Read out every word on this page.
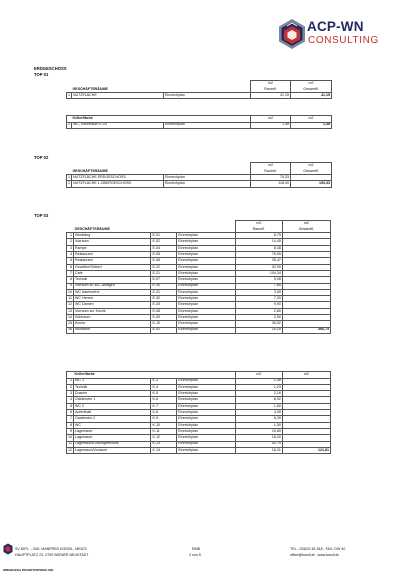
ACP-WN
CONSULTING
ERDGESCHOSS
TOP 01
			m2	m2
	GESCHÄFTSRÄUME		Raumfl.	Gesamtfl.
1	NUTZFLÄCHE	Einreichplan	41,15	41,15
	Kellerfläche		m2	m2
1	WC, Kellerraum K-03	Einreichplan	1,48	1,48
TOP 02
			m2	m2
	GESCHÄFTSRÄUME		Raumfl.	Gesamtfl.
1	NUTZFLÄCHE ERDGESCHOSS	Einreichplan	75,33	
2	NUTZFLÄCHE 1.OBERGESCHOSS	Einreichplan	118,00	193,33
TOP 03
				m2	m2
	GESCHÄFTSRÄUME			Raumfl.	Gesamtfl.
1	Windfang	E-01	Einreichplan	8,75	
2	Vorraum	E-02	Einreichplan	14,45	
3	Rampe	E-04	Einreichplan	8,38	
4	Restaurant	E-05	Einreichplan	76,99	
5	Restaurant	E-06	Einreichplan	35,47	
6	Gewölbe/Stüberl	E-22	Einreichplan	32,90	
7	Cafe	E-21	Einreichplan	104,34	
8	Technik	E-07	Einreichplan	5,08	
9	Vorraum zu WC-Anlagen	E-30	Einreichplan	7,66	
10	WC barrierefrei	E-31	Einreichplan	3,55	
11	WC Herren	E-32	Einreichplan	7,29	
12	WC Damen	E-33	Einreichplan	9,90	
13	Vorraum zur Küche	E-08	Einreichplan	2,80	
14	Kühlraum	E-09	Einreichplan	2,50	
15	Küche	E-10	Einreichplan	36,52	
16	Müllraum	E-41	Einreichplan	10,15	366,73
	Kellerfläche			m2	m2
1	WC 1	K-3	Einreichplan	1,48	
2	Technik	K-4	Einreichplan	1,23	
3	Dusche	K-5	Einreichplan	2,16	
4	Garderobe 1	K-6	Einreichplan	6,92	
5	WC 2	K-7	Einreichplan	1,50	
6	Aufenthalt	K-8	Einreichplan	4,55	
7	Garderobe 2	K-9	Einreichplan	6,39	
8	WC	K-10	Einreichplan	1,50	
9	Lagerraum	K-11	Einreichplan	15,80	
10	Lagerraum	K-12	Einreichplan	16,20	
11	Lagerraum/Lüftungstechnik	K-13	Einreichplan	42,75	
12	Lagerraum/Vorraum	K-14	Einreichplan	18,31	121,81
SV DIPL. - ING. MANFRED KORZIL, MRICS
HAUPTPLATZ 23, 2700 WIENER NEUSTADT
RMB
3 von 5
TEL.: 02622/ 81 818 , FAX: DW 40
office@korzil.at , www.korzil.at
IMMOBILIEN & PROJEKTENTWICKLUNG
